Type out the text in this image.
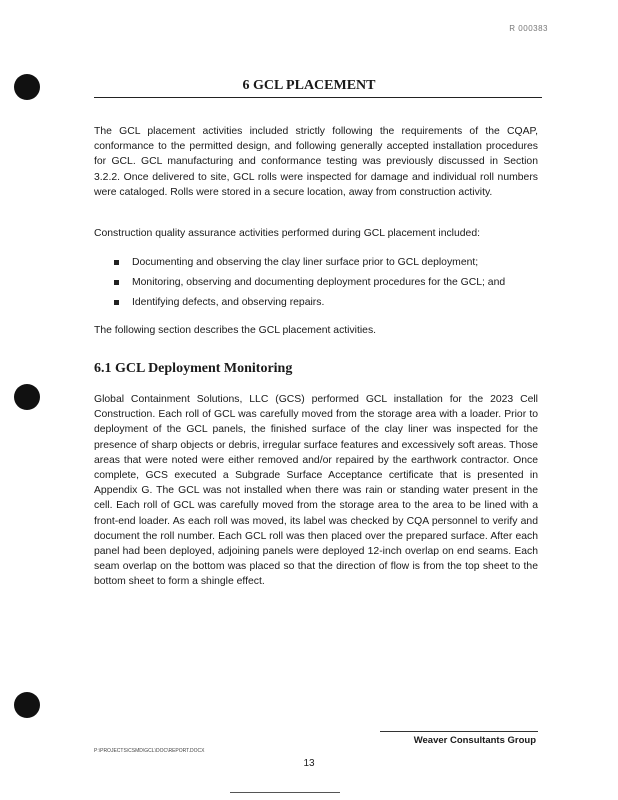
R 000383
6 GCL PLACEMENT

The GCL placement activities included strictly following the requirements of the CQAP, conformance to the permitted design, and following generally accepted installation procedures for GCL. GCL manufacturing and conformance testing was previously discussed in Section 3.2.2. Once delivered to site, GCL rolls were inspected for damage and individual roll numbers were cataloged. Rolls were stored in a secure location, away from construction activity.

Construction quality assurance activities performed during GCL placement included:

Documenting and observing the clay liner surface prior to GCL deployment;
Monitoring, observing and documenting deployment procedures for the GCL; and
Identifying defects, and observing repairs.

The following section describes the GCL placement activities.

6.1 GCL Deployment Monitoring

Global Containment Solutions, LLC (GCS) performed GCL installation for the 2023 Cell Construction. Each roll of GCL was carefully moved from the storage area with a loader. Prior to deployment of the GCL panels, the finished surface of the clay liner was inspected for the presence of sharp objects or debris, irregular surface features and excessively soft areas. Those areas that were noted were either removed and/or repaired by the earthwork contractor. Once complete, GCS executed a Subgrade Surface Acceptance certificate that is presented in Appendix G. The GCL was not installed when there was rain or standing water present in the cell. Each roll of GCL was carefully moved from the storage area to the area to be lined with a front-end loader. As each roll was moved, its label was checked by CQA personnel to verify and document the roll number. Each GCL roll was then placed over the prepared surface. After each panel had been deployed, adjoining panels were deployed 12-inch overlap on end seams. Each seam overlap on the bottom was placed so that the direction of flow is from the top sheet to the bottom sheet to form a shingle effect.

Weaver Consultants Group
P:\PROJECTS\CSMD\GCL\DOC\REPORT.DOCX
13
